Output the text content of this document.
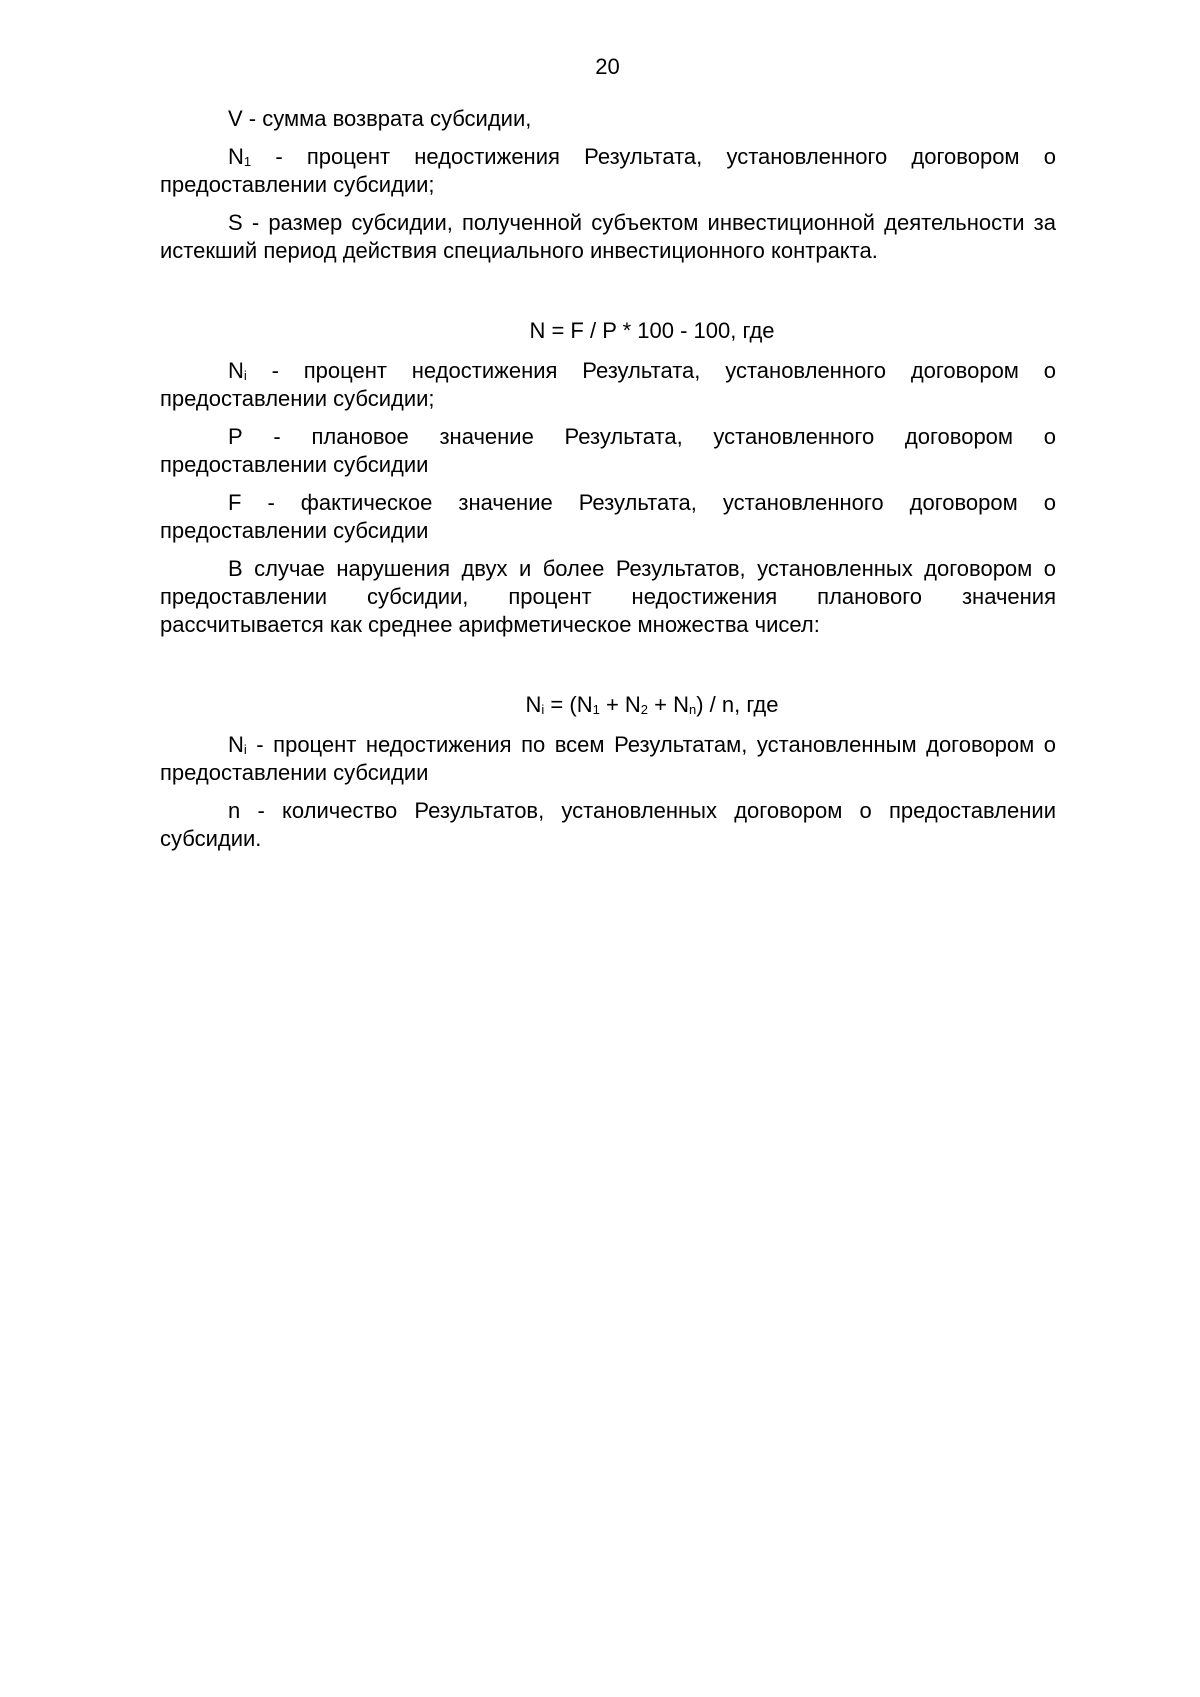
20

V - сумма возврата субсидии,

$N_1$ - процент недостижения Результата, установленного договором о предоставлении субсидии;

S - размер субсидии, полученной субъектом инвестиционной деятельности за истекший период действия специального инвестиционного контракта.

N = F / P * 100 - 100, где

$N_i$ - процент недостижения Результата, установленного договором о предоставлении субсидии;

P - плановое значение Результата, установленного договором о предоставлении субсидии

F - фактическое значение Результата, установленного договором о предоставлении субсидии

В случае нарушения двух и более Результатов, установленных договором о предоставлении субсидии, процент недостижения планового значения рассчитывается как среднее арифметическое множества чисел:

$N_i = (N_1 + N_2 + N_n) / n$, где

$N_i$ - процент недостижения по всем Результатам, установленным договором о предоставлении субсидии

n - количество Результатов, установленных договором о предоставлении субсидии.
